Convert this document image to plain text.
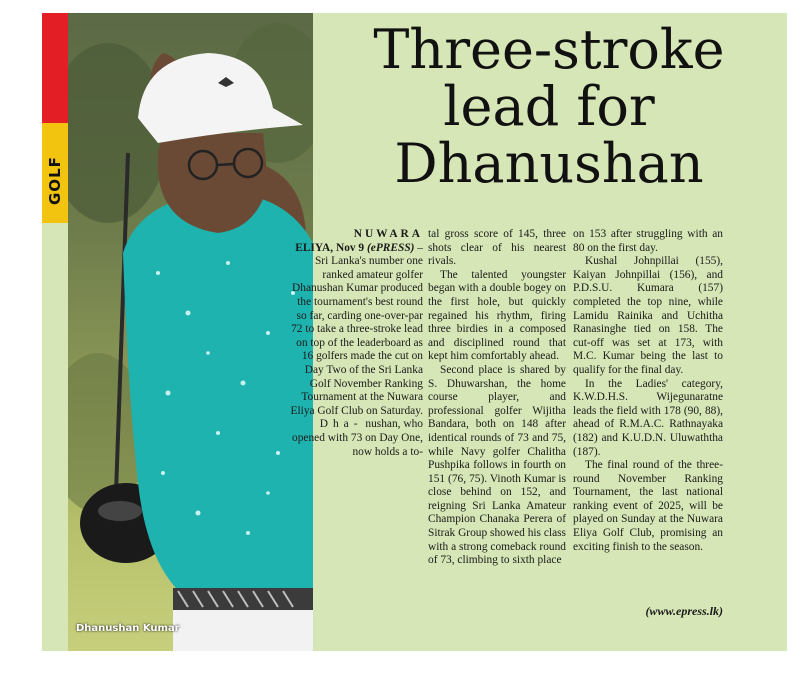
GOLF
Dhanushan Kumar
Three-stroke lead for Dhanushan

NUWARA
ELIYA, Nov 9 (ePRESS) – Sri Lanka's number one ranked amateur golfer Dhanushan Kumar produced the tournament's best round so far, carding one-over-par 72 to take a three-stroke lead on top of the leaderboard as 16 golfers made the cut on Day Two of the Sri Lanka Golf November Ranking Tournament at the Nuwara Eliya Golf Club on Saturday.

Dha- nushan, who opened with 73 on Day One, now holds a to-

tal gross score of 145, three shots clear of his nearest rivals.

The talented youngster began with a double bogey on the first hole, but quickly regained his rhythm, firing three birdies in a composed and disciplined round that kept him comfortably ahead.

Second place is shared by S. Dhuwarshan, the home course player, and professional golfer Wijitha Bandara, both on 148 after identical rounds of 73 and 75, while Navy golfer Chalitha Pushpika follows in fourth on 151 (76, 75). Vinoth Kumar is close behind on 152, and reigning Sri Lanka Amateur Champion Chanaka Perera of Sitrak Group showed his class with a strong comeback round of 73, climbing to sixth place

on 153 after struggling with an 80 on the first day.

Kushal Johnpillai (155), Kaiyan Johnpillai (156), and P.D.S.U. Kumara (157) completed the top nine, while Lamidu Rainika and Uchitha Ranasinghe tied on 158. The cut-off was set at 173, with M.C. Kumar being the last to qualify for the final day.

In the Ladies' category, K.W.D.H.S. Wijegunaratne leads the field with 178 (90, 88), ahead of R.M.A.C. Rathnayaka (182) and K.U.D.N. Uluwaththa (187).

The final round of the three-round November Ranking Tournament, the last national ranking event of 2025, will be played on Sunday at the Nuwara Eliya Golf Club, promising an exciting finish to the season.

(www.epress.lk)
